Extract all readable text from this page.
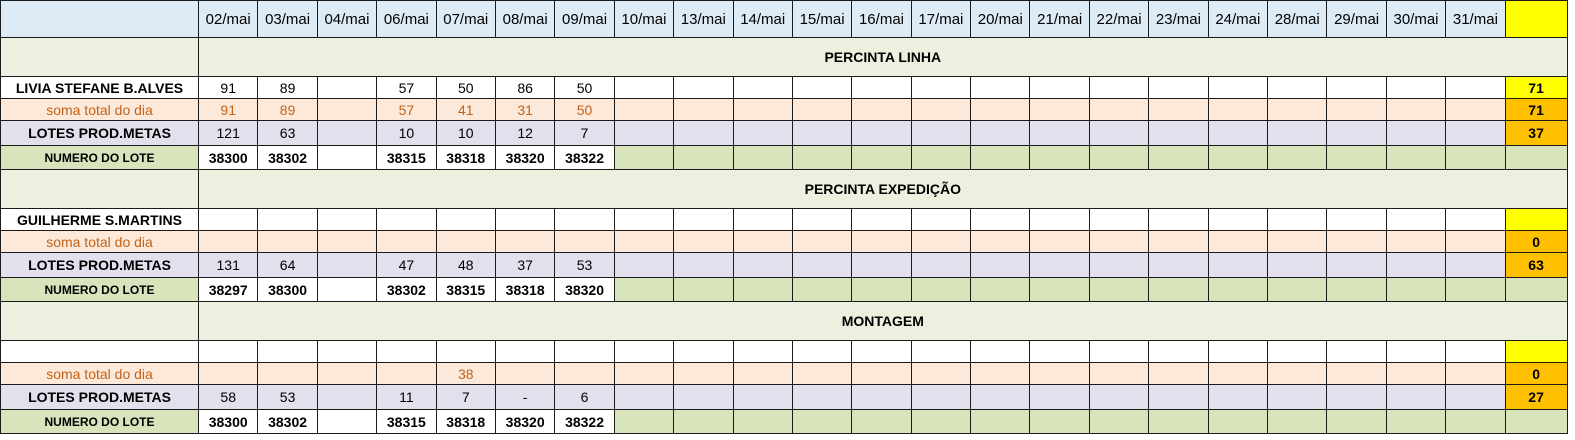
	02/mai	03/mai	04/mai	06/mai	07/mai	08/mai	09/mai	10/mai	13/mai	14/mai	15/mai	16/mai	17/mai	20/mai	21/mai	22/mai	23/mai	24/mai	28/mai	29/mai	30/mai	31/mai	
	PERCINTA LINHA																						
LIVIA STEFANE B.ALVES	91	89		57	50	86	50																71
soma total do dia	91	89		57	41	31	50																71
LOTES PROD.METAS	121	63		10	10	12	7																37
NUMERO DO LOTE	38300	38302		38315	38318	38320	38322																
	PERCINTA EXPEDIÇÃO																						
GUILHERME S.MARTINS																							
soma total do dia																							0
LOTES PROD.METAS	131	64		47	48	37	53																63
NUMERO DO LOTE	38297	38300		38302	38315	38318	38320																
	MONTAGEM																						

soma total do dia					38																		0
LOTES PROD.METAS	58	53		11	7	-	6																27
NUMERO DO LOTE	38300	38302		38315	38318	38320	38322																
